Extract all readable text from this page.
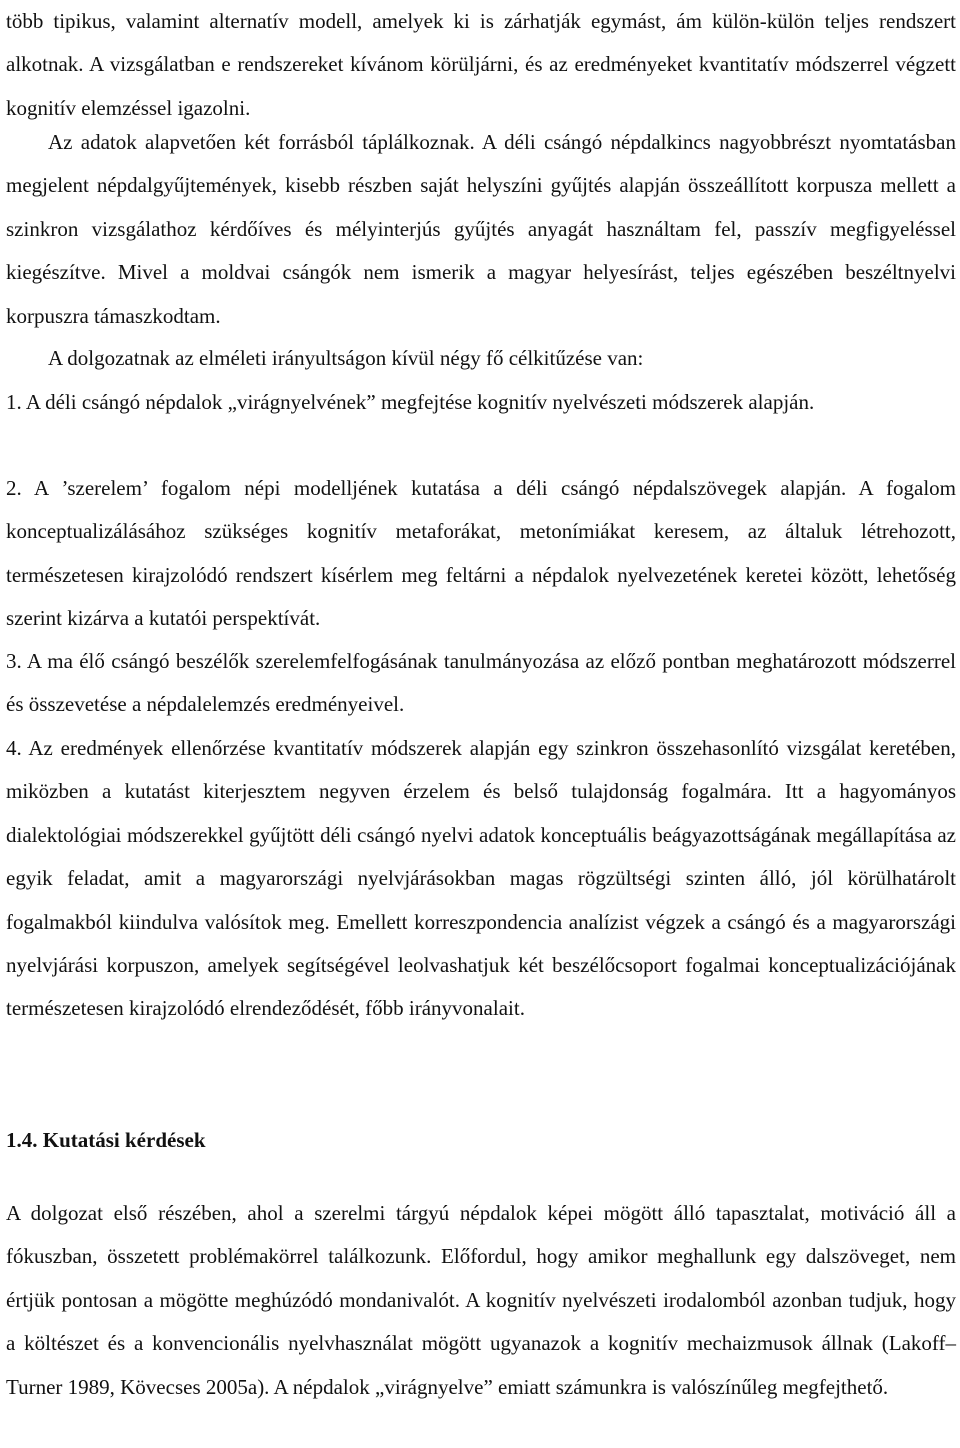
több tipikus, valamint alternatív modell, amelyek ki is zárhatják egymást, ám külön-külön teljes rendszert alkotnak. A vizsgálatban e rendszereket kívánom körüljárni, és az eredményeket kvantitatív módszerrel végzett kognitív elemzéssel igazolni.

Az adatok alapvetően két forrásból táplálkoznak. A déli csángó népdalkincs nagyobbrészt nyomtatásban megjelent népdalgyűjtemények, kisebb részben saját helyszíni gyűjtés alapján összeállított korpusza mellett a szinkron vizsgálathoz kérdőíves és mélyinterjús gyűjtés anyagát használtam fel, passzív megfigyeléssel kiegészítve. Mivel a moldvai csángók nem ismerik a magyar helyesírást, teljes egészében beszéltnyelvi korpuszra támaszkodtam.

A dolgozatnak az elméleti irányultságon kívül négy fő célkitűzése van:

1. A déli csángó népdalok „virágnyelvének” megfejtése kognitív nyelvészeti módszerek alapján.

2. A ’szerelem’ fogalom népi modelljének kutatása a déli csángó népdalszövegek alapján. A fogalom konceptualizálásához szükséges kognitív metaforákat, metonímiákat keresem, az általuk létrehozott, természetesen kirajzolódó rendszert kísérlem meg feltárni a népdalok nyelvezetének keretei között, lehetőség szerint kizárva a kutatói perspektívát.

3. A ma élő csángó beszélők szerelemfelfogásának tanulmányozása az előző pontban meghatározott módszerrel és összevetése a népdalelemzés eredményeivel.

4. Az eredmények ellenőrzése kvantitatív módszerek alapján egy szinkron összehasonlító vizsgálat keretében, miközben a kutatást kiterjesztem negyven érzelem és belső tulajdonság fogalmára. Itt a hagyományos dialektológiai módszerekkel gyűjtött déli csángó nyelvi adatok konceptuális beágyazottságának megállapítása az egyik feladat, amit a magyarországi nyelvjárásokban magas rögzültségi szinten álló, jól körülhatárolt fogalmakból kiindulva valósítok meg. Emellett korreszpondencia analízist végzek a csángó és a magyarországi nyelvjárási korpuszon, amelyek segítségével leolvashatjuk két beszélőcsoport fogalmai konceptualizációjának természetesen kirajzolódó elrendeződését, főbb irányvonalait.

1.4. Kutatási kérdések

A dolgozat első részében, ahol a szerelmi tárgyú népdalok képei mögött álló tapasztalat, motiváció áll a fókuszban, összetett problémakörrel találkozunk. Előfordul, hogy amikor meghallunk egy dalszöveget, nem értjük pontosan a mögötte meghúzódó mondanivalót. A kognitív nyelvészeti irodalomból azonban tudjuk, hogy a költészet és a konvencionális nyelvhasználat mögött ugyanazok a kognitív mechaizmusok állnak (Lakoff–Turner 1989, Kövecses 2005a). A népdalok „virágnyelve” emiatt számunkra is valószínűleg megfejthető.
